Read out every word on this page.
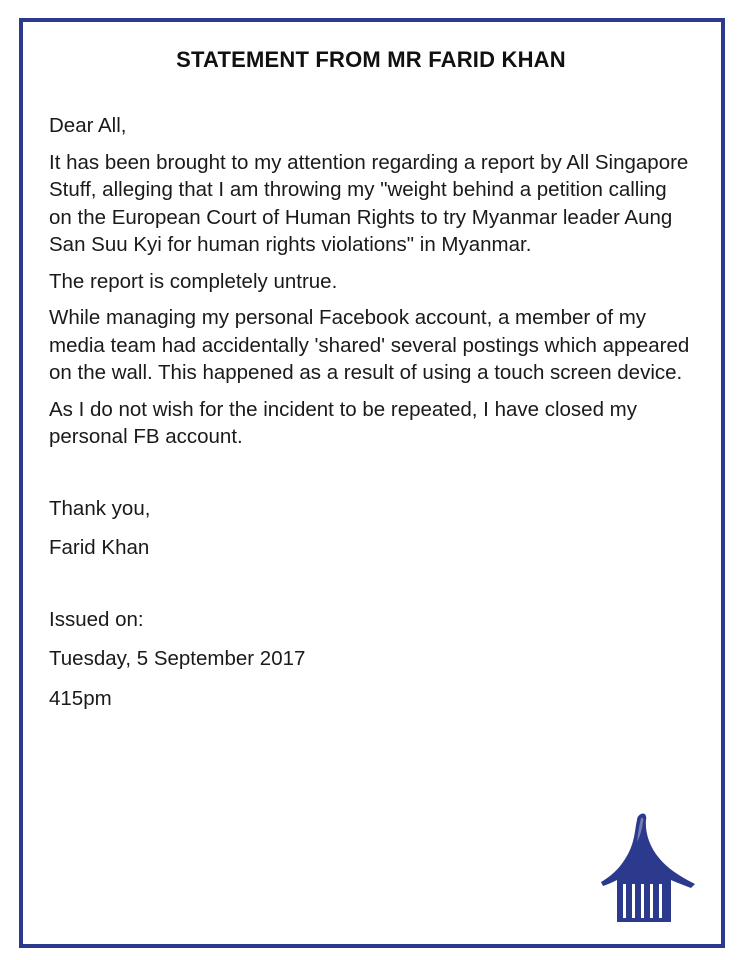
STATEMENT FROM MR FARID KHAN

Dear All,

It has been brought to my attention regarding a report by All Singapore Stuff, alleging that I am throwing my "weight behind a petition calling on the European Court of Human Rights to try Myanmar leader Aung San Suu Kyi for human rights violations" in Myanmar.

The report is completely untrue.

While managing my personal Facebook account, a member of my media team had accidentally 'shared' several postings which appeared on the wall. This happened as a result of using a touch screen device.

As I do not wish for the incident to be repeated, I have closed my personal FB account.

Thank you,

Farid Khan

Issued on:

Tuesday, 5 September 2017

415pm
